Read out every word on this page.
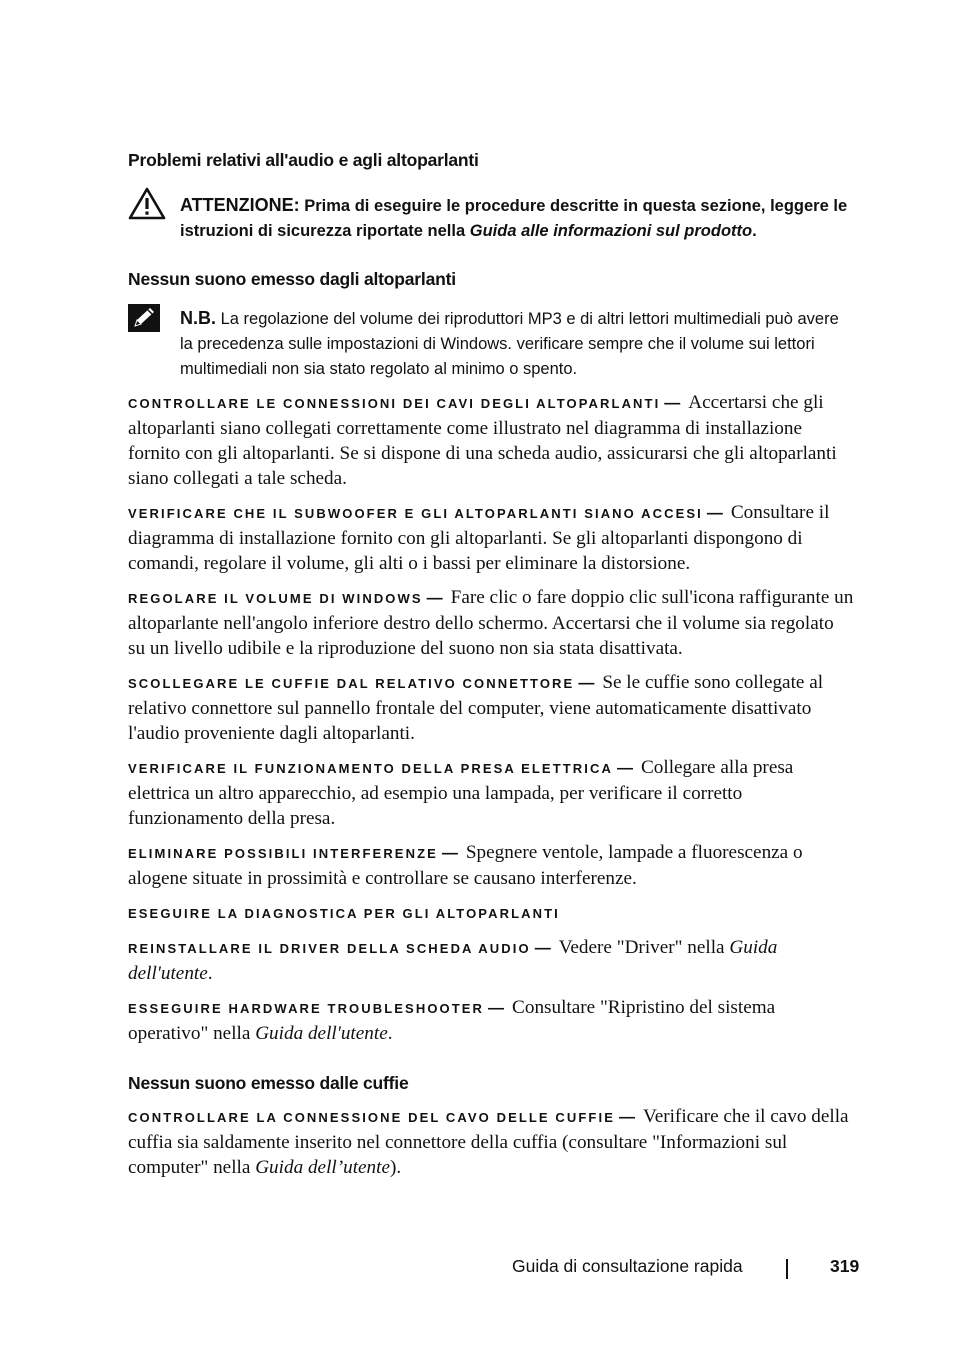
Problemi relativi all'audio e agli altoparlanti
ATTENZIONE: Prima di eseguire le procedure descritte in questa sezione, leggere le istruzioni di sicurezza riportate nella Guida alle informazioni sul prodotto.
Nessun suono emesso dagli altoparlanti
N.B. La regolazione del volume dei riproduttori MP3 e di altri lettori multimediali può avere la precedenza sulle impostazioni di Windows. verificare sempre che il volume sui lettori multimediali non sia stato regolato al minimo o spento.

CONTROLLARE LE CONNESSIONI DEI CAVI DEGLI ALTOPARLANTI — Accertarsi che gli altoparlanti siano collegati correttamente come illustrato nel diagramma di installazione fornito con gli altoparlanti. Se si dispone di una scheda audio, assicurarsi che gli altoparlanti siano collegati a tale scheda.

VERIFICARE CHE IL SUBWOOFER E GLI ALTOPARLANTI SIANO ACCESI — Consultare il diagramma di installazione fornito con gli altoparlanti. Se gli altoparlanti dispongono di comandi, regolare il volume, gli alti o i bassi per eliminare la distorsione.

REGOLARE IL VOLUME DI WINDOWS — Fare clic o fare doppio clic sull'icona raffigurante un altoparlante nell'angolo inferiore destro dello schermo. Accertarsi che il volume sia regolato su un livello udibile e la riproduzione del suono non sia stata disattivata.

SCOLLEGARE LE CUFFIE DAL RELATIVO CONNETTORE — Se le cuffie sono collegate al relativo connettore sul pannello frontale del computer, viene automaticamente disattivato l'audio proveniente dagli altoparlanti.

VERIFICARE IL FUNZIONAMENTO DELLA PRESA ELETTRICA — Collegare alla presa elettrica un altro apparecchio, ad esempio una lampada, per verificare il corretto funzionamento della presa.

ELIMINARE POSSIBILI INTERFERENZE — Spegnere ventole, lampade a fluorescenza o alogene situate in prossimità e controllare se causano interferenze.

ESEGUIRE LA DIAGNOSTICA PER GLI ALTOPARLANTI

REINSTALLARE IL DRIVER DELLA SCHEDA AUDIO — Vedere "Driver" nella Guida dell'utente.

ESSEGUIRE HARDWARE TROUBLESHOOTER — Consultare "Ripristino del sistema operativo" nella Guida dell'utente.

Nessun suono emesso dalle cuffie

CONTROLLARE LA CONNESSIONE DEL CAVO DELLE CUFFIE — Verificare che il cavo della cuffia sia saldamente inserito nel connettore della cuffia (consultare "Informazioni sul computer" nella Guida dell’utente).

Guida di consultazione rapida	319
